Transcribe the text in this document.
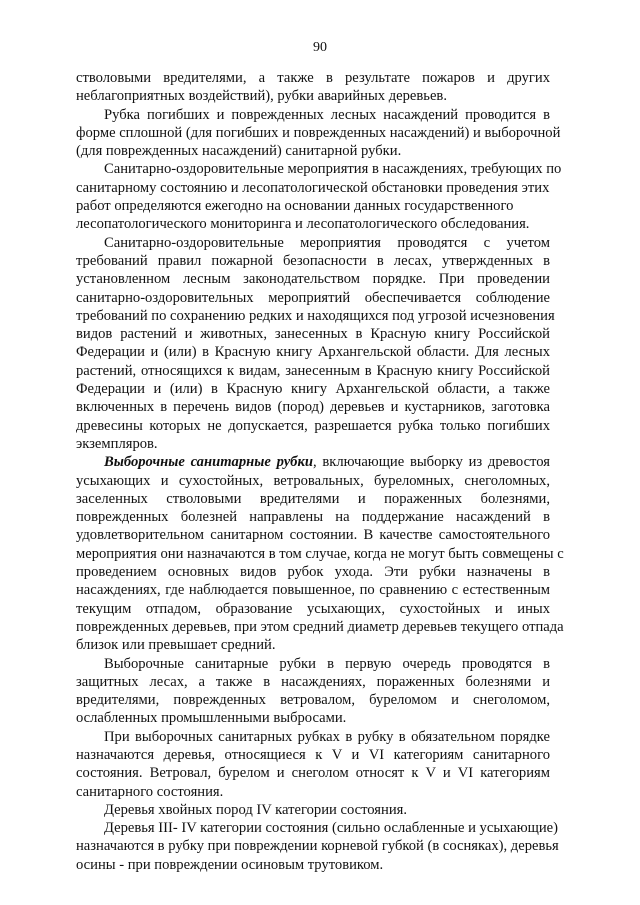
90
стволовыми вредителями, а также в результате пожаров и других
неблагоприятных воздействий), рубки аварийных деревьев.
Рубка погибших и поврежденных лесных насаждений проводится в
форме сплошной (для погибших и поврежденных насаждений) и выборочной
(для поврежденных насаждений) санитарной рубки.
Санитарно-оздоровительные мероприятия в насаждениях, требующих по
санитарному состоянию и лесопатологической обстановки проведения этих
работ определяются ежегодно на основании данных государственного
лесопатологического мониторинга и лесопатологического обследования.
Санитарно-оздоровительные мероприятия проводятся с учетом
требований правил пожарной безопасности в лесах, утвержденных в
установленном лесным законодательством порядке. При проведении
санитарно-оздоровительных мероприятий обеспечивается соблюдение
требований по сохранению редких и находящихся под угрозой исчезновения
видов растений и животных, занесенных в Красную книгу Российской
Федерации и (или) в Красную книгу Архангельской области. Для лесных
растений, относящихся к видам, занесенным в Красную книгу Российской
Федерации и (или) в Красную книгу Архангельской области, а также
включенных в перечень видов (пород) деревьев и кустарников, заготовка
древесины которых не допускается, разрешается рубка только погибших
экземпляров.
Выборочные санитарные рубки, включающие выборку из древостоя
усыхающих и сухостойных, ветровальных, буреломных, снеголомных,
заселенных стволовыми вредителями и пораженных болезнями,
поврежденных болезней направлены на поддержание насаждений в
удовлетворительном санитарном состоянии. В качестве самостоятельного
мероприятия они назначаются в том случае, когда не могут быть совмещены с
проведением основных видов рубок ухода. Эти рубки назначены в
насаждениях, где наблюдается повышенное, по сравнению с естественным
текущим отпадом, образование усыхающих, сухостойных и иных
поврежденных деревьев, при этом средний диаметр деревьев текущего отпада
близок или превышает средний.
Выборочные санитарные рубки в первую очередь проводятся в
защитных лесах, а также в насаждениях, пораженных болезнями и
вредителями, поврежденных ветровалом, буреломом и снеголомом,
ослабленных промышленными выбросами.
При выборочных санитарных рубках в рубку в обязательном порядке
назначаются деревья, относящиеся к V и VI категориям санитарного
состояния. Ветровал, бурелом и снеголом относят к V и VI категориям
санитарного состояния.
Деревья хвойных пород IV категории состояния.
Деревья III- IV категории состояния (сильно ослабленные и усыхающие)
назначаются в рубку при повреждении корневой губкой (в сосняках), деревья
осины - при повреждении осиновым трутовиком.
